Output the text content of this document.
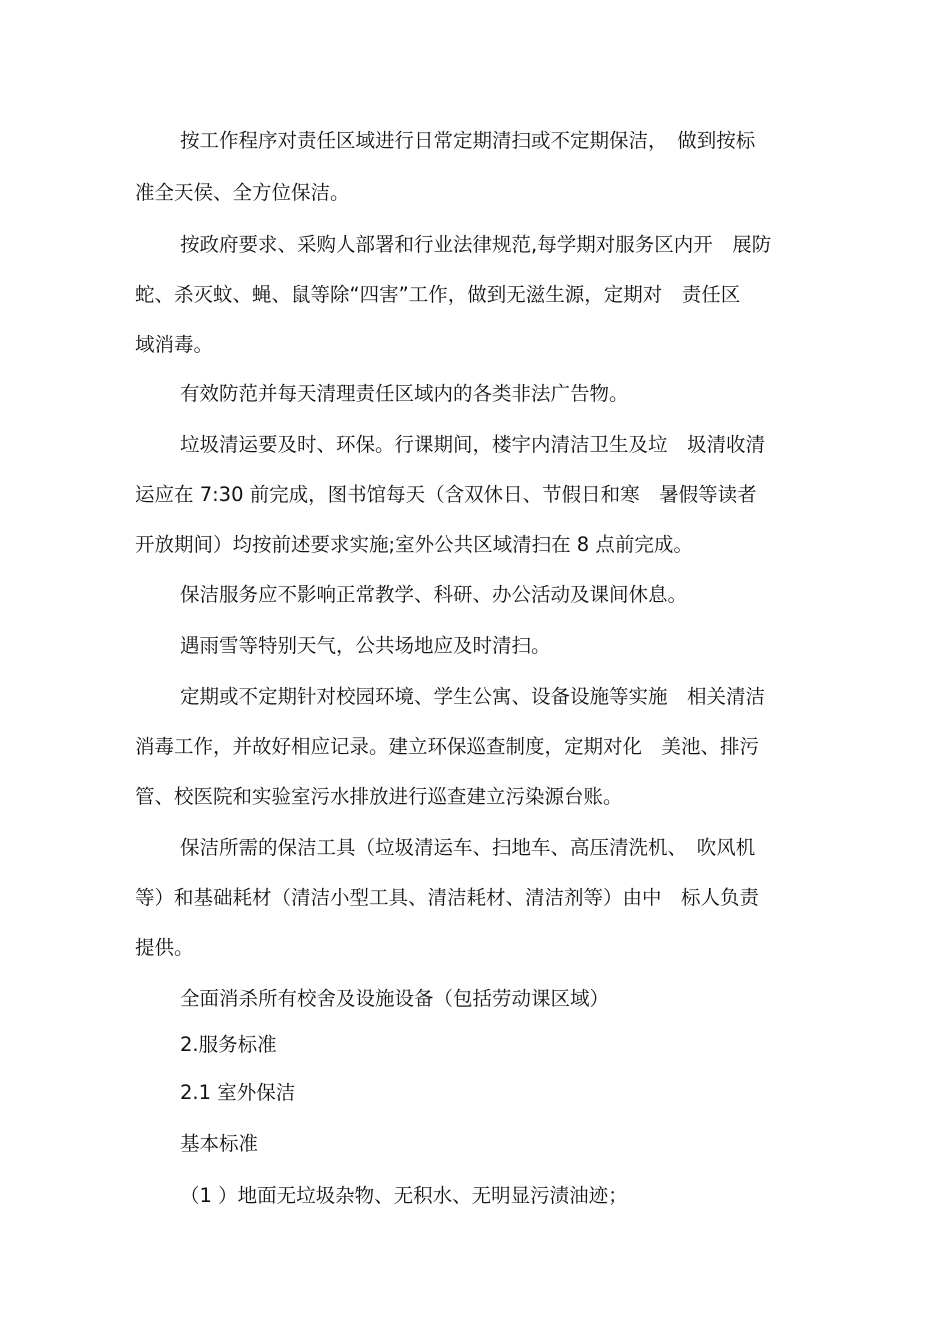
按工作程序对责任区域进行日常定期清扫或不定期保洁，　做到按标

准全天侯、全方位保洁。

按政府要求、采购人部署和行业法律规范,每学期对服务区内开　展防

蛇、杀灭蚊、蝇、鼠等除“四害”工作，做到无滋生源，定期对　责任区

域消毒。

有效防范并每天清理责任区域内的各类非法广告物。

垃圾清运要及时、环保。行课期间，楼宇内清洁卫生及垃　圾清收清

运应在 7:30 前完成，图书馆每天（含双休日、节假日和寒　暑假等读者

开放期间）均按前述要求实施;室外公共区域清扫在 8 点前完成。

保洁服务应不影响正常教学、科研、办公活动及课间休息。

遇雨雪等特别天气，公共场地应及时清扫。

定期或不定期针对校园环境、学生公寓、设备设施等实施　相关清洁

消毒工作，并故好相应记录。建立环保巡查制度，定期对化　美池、排污

管、校医院和实验室污水排放进行巡查建立污染源台账。

保洁所需的保洁工具（垃圾清运车、扫地车、高压清洗机、　吹风机

等）和基础耗材（清洁小型工具、清洁耗材、清洁剂等）由中　标人负责

提供。

全面消杀所有校舍及设施设备（包括劳动课区域）

2.服务标准

2.1 室外保洁

基本标准

（1 ）地面无垃圾杂物、无积水、无明显污渍油迹；
